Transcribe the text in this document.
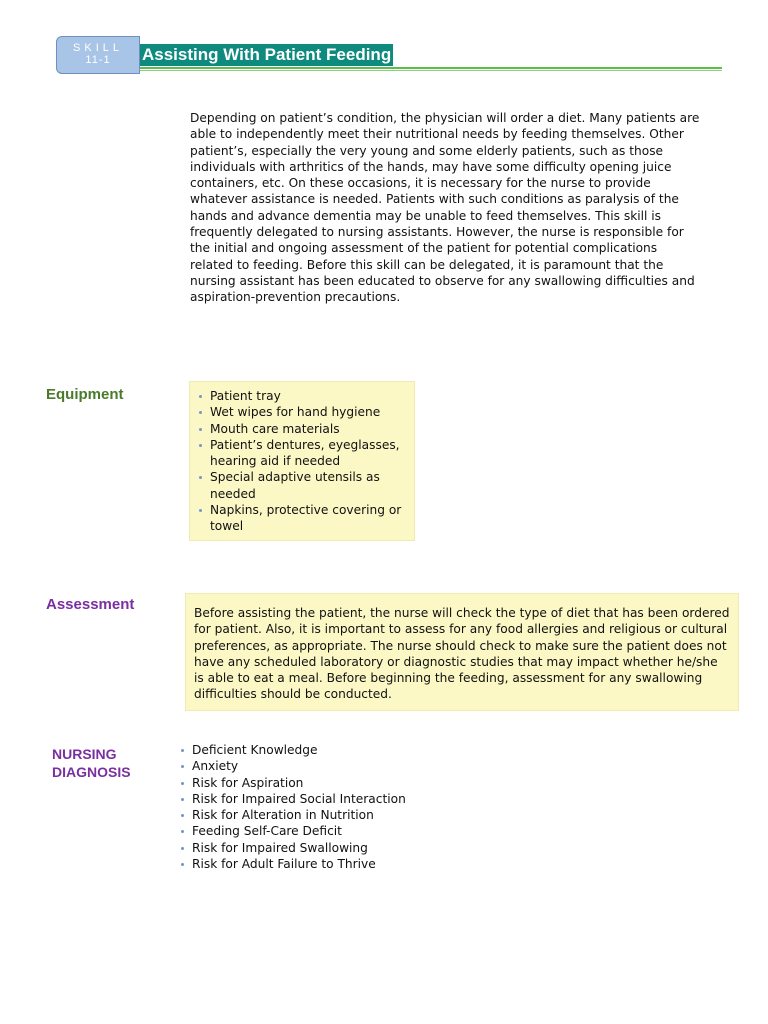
SKILL
11-1	Assisting With Patient Feeding

Depending on patient’s condition, the physician will order a diet. Many patients are able to independently meet their nutritional needs by feeding themselves. Other patient’s, especially the very young and some elderly patients, such as those individuals with arthritics of the hands, may have some difficulty opening juice containers, etc. On these occasions, it is necessary for the nurse to provide whatever assistance is needed. Patients with such conditions as paralysis of the hands and advance dementia may be unable to feed themselves. This skill is frequently delegated to nursing assistants. However, the nurse is responsible for the initial and ongoing assessment of the patient for potential complications related to feeding. Before this skill can be delegated, it is paramount that the nursing assistant has been educated to observe for any swallowing difficulties and aspiration-prevention precautions.

Equipment	Patient tray
Wet wipes for hand hygiene
Mouth care materials
Patient’s dentures, eyeglasses, hearing aid if needed
Special adaptive utensils as needed
Napkins, protective covering or towel
Assessment	Before assisting the patient, the nurse will check the type of diet that has been ordered for patient. Also, it is important to assess for any food allergies and religious or cultural preferences, as appropriate. The nurse should check to make sure the patient does not have any scheduled laboratory or diagnostic studies that may impact whether he/she is able to eat a meal. Before beginning the feeding, assessment for any swallowing difficulties should be conducted.
NURSING
DIAGNOSIS
Deficient Knowledge
Anxiety
Risk for Aspiration
Risk for Impaired Social Interaction
Risk for Alteration in Nutrition
Feeding Self-Care Deficit
Risk for Impaired Swallowing
Risk for Adult Failure to Thrive
